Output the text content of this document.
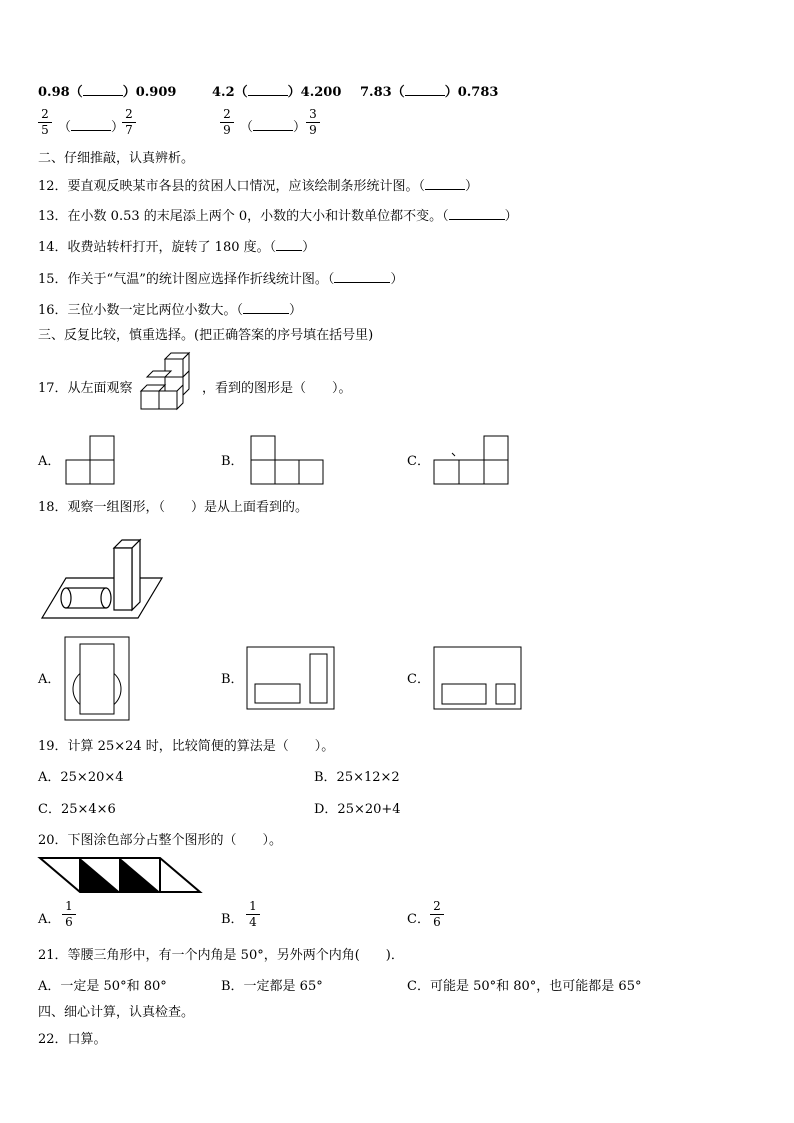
0.98（	）0.909	4.2（	）4.200 7.83（	）0.783
2
5 （	）
2
7
2
9 （	）
3
9
二、仔细推敲，认真辨析。
12．要直观反映某市各县的贫困人口情况，应该绘制条形统计图。（	）
13．在小数 0.53 的末尾添上两个 0，小数的大小和计数单位都不变。（	）
14．收费站转杆打开，旋转了 180 度。（ ）
15．作关于“气温”的统计图应选择作折线统计图。（	）
16．三位小数一定比两位小数大。（	）
三、反复比较，慎重选择。(把正确答案的序号填在括号里)
17．从左面观察	，看到的图形是（　　）。
A．	B．	C．
18．观察一组图形，（　　）是从上面看到的。
A．	B．	C．
19．计算 25×24 时，比较简便的算法是（　　）。
A．25×20×4	B．25×12×2
C．25×4×6	D．25×20+4
20．下图涂色部分占整个图形的（　　）。
A．
1
6	B．
1
4	C．
2
6
21．等腰三角形中，有一个内角是 50°，另外两个内角(　　)．
A．一定是 50°和 80°	B．一定都是 65°	C．可能是 50°和 80°，也可能都是 65°
四、细心计算，认真检查。
22．口算。
